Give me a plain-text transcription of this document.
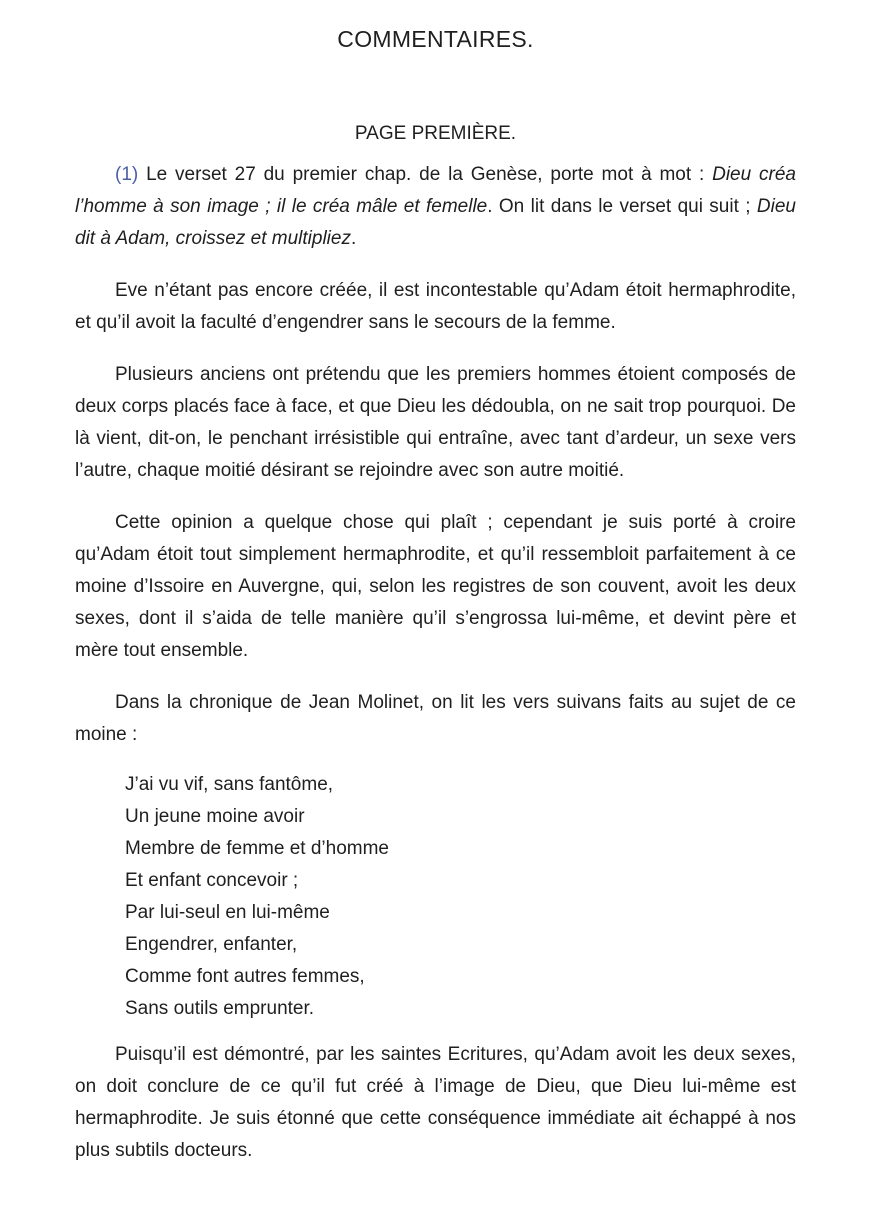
COMMENTAIRES.
PAGE PREMIÈRE.

(1) Le verset 27 du premier chap. de la Genèse, porte mot à mot : Dieu créa l’homme à son image ; il le créa mâle et femelle. On lit dans le verset qui suit ; Dieu dit à Adam, croissez et multipliez.

Eve n’étant pas encore créée, il est incontestable qu’Adam étoit hermaphrodite, et qu’il avoit la faculté d’engendrer sans le secours de la femme.

Plusieurs anciens ont prétendu que les premiers hommes étoient composés de deux corps placés face à face, et que Dieu les dédoubla, on ne sait trop pourquoi. De là vient, dit-on, le penchant irrésistible qui entraîne, avec tant d’ardeur, un sexe vers l’autre, chaque moitié désirant se rejoindre avec son autre moitié.

Cette opinion a quelque chose qui plaît ; cependant je suis porté à croire qu’Adam étoit tout simplement hermaphrodite, et qu’il ressembloit parfaitement à ce moine d’Issoire en Auvergne, qui, selon les registres de son couvent, avoit les deux sexes, dont il s’aida de telle manière qu’il s’engrossa lui-même, et devint père et mère tout ensemble.

Dans la chronique de Jean Molinet, on lit les vers suivans faits au sujet de ce moine :

J’ai vu vif, sans fantôme,
Un jeune moine avoir
Membre de femme et d’homme
Et enfant concevoir ;
Par lui-seul en lui-même
Engendrer, enfanter,
Comme font autres femmes,
Sans outils emprunter.

Puisqu’il est démontré, par les saintes Ecritures, qu’Adam avoit les deux sexes, on doit conclure de ce qu’il fut créé à l’image de Dieu, que Dieu lui-même est hermaphrodite. Je suis étonné que cette conséquence immédiate ait échappé à nos plus subtils docteurs.
